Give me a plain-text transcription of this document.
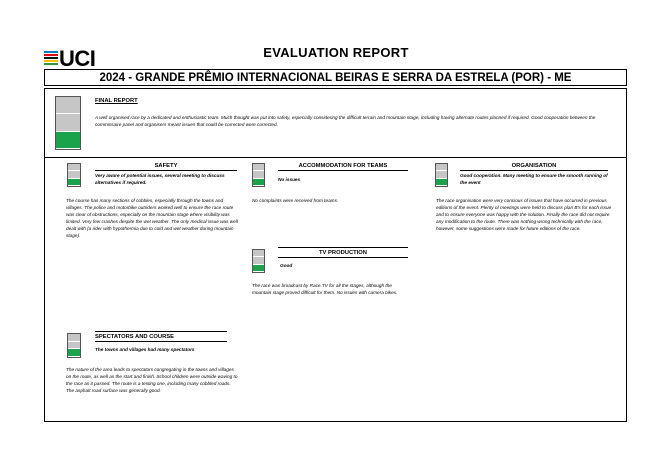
UCI	EVALUATION REPORT
2024 - GRANDE PRÊMIO INTERNACIONAL BEIRAS E SERRA DA ESTRELA (POR) - ME
FINAL REPORT
A well organised race by a dedicated and enthusiastic team. Much thought was put into safety, especially considering the difficult terrain and mountain stage, including having alternate routes planned if required. Good cooperation between the commissaire panel and organisers meant issues that could be corrected were corrected.
SAFETY
Very aware of potential issues, several meeting to discuss alternatives if required.
The course has many sections of cobbles, especially through the towns and villages. The police and motorbike outriders worked well to ensure the race route was clear of obstructions, especially on the mountain stage where visibility was limited. Very few crashes despite the wet weather. The only medical issue was well dealt with (a rider with hypothermia due to cold and wet weather during mountain stage).
ACCOMMODATION FOR TEAMS
No issues
No complaints were received from teams.
ORGANISATION
Good cooperation. Many meeting to ensure the smooth running of the event
The race organisation were very concious of issues that have occurred in previous editions of the event. Plenty of meetings were held to discuss plan B's for each issue and to ensure everyone was happy with the solution. Finally the race did not require any modification to the route. There was nothing wrong technically with the race, however, some suggestions were made for future editions of the race.
TV PRODUCTION
Good
The race was broadcast by Race.TV for all the stages, although the mountain stage proved difficult for them. No issues with camera bikes.
SPECTATORS AND COURSE
The towns and villages had many spectators
The nature of the area leads to spectators congregating in the towns and villages on the route, as well as the start and finish. School children were outside waving to the race as it passed. The route is a testing one, including many cobbled roads. The asphalt road surface was generally good.
